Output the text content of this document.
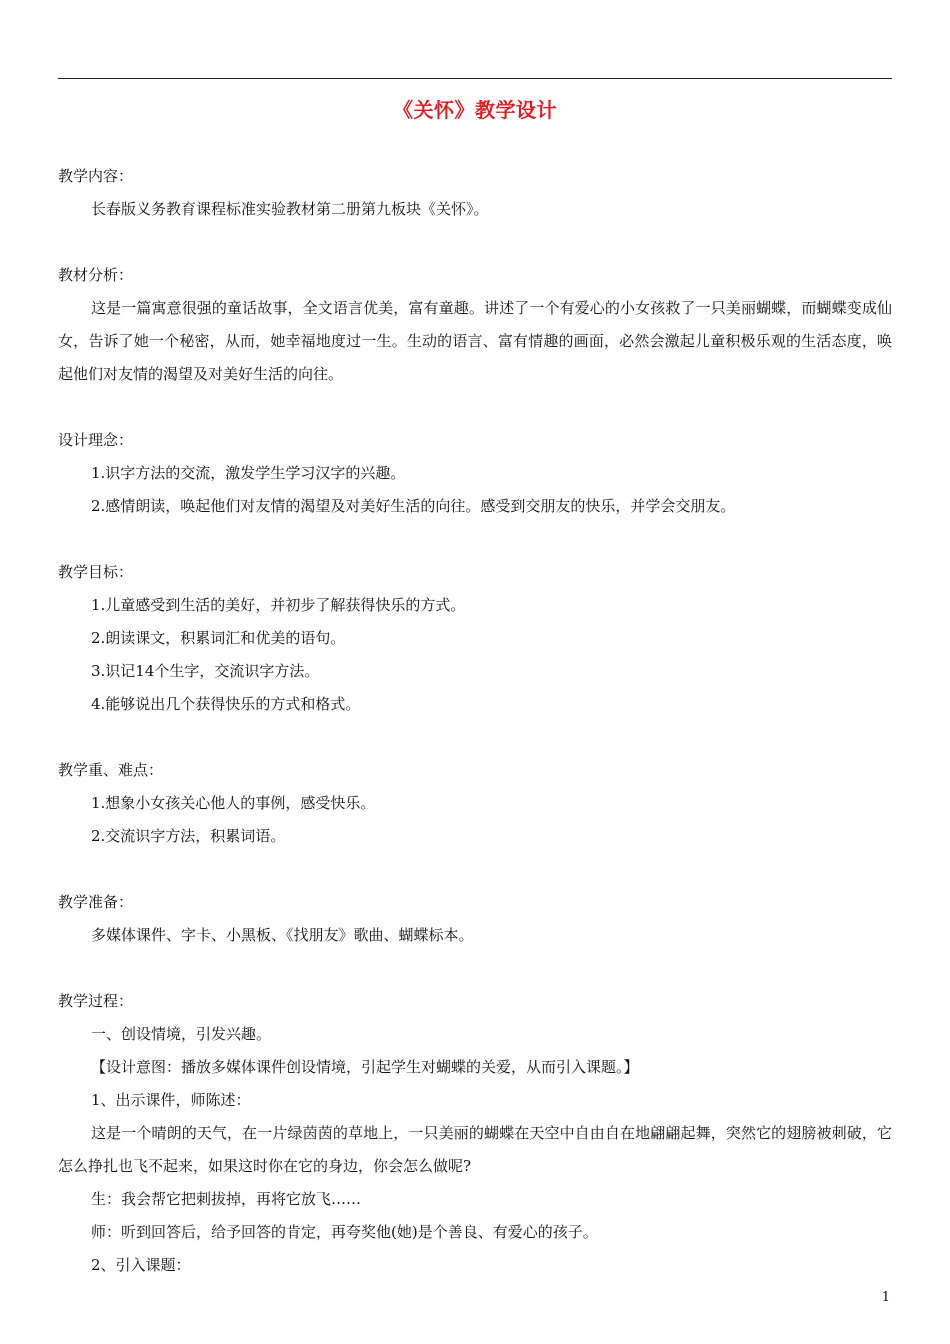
《关怀》教学设计
教学内容：
长春版义务教育课程标准实验教材第二册第九板块《关怀》。
教材分析：
这是一篇寓意很强的童话故事，全文语言优美，富有童趣。讲述了一个有爱心的小女孩救了一只美丽蝴蝶，而蝴蝶变成仙女，告诉了她一个秘密，从而，她幸福地度过一生。生动的语言、富有情趣的画面，必然会激起儿童积极乐观的生活态度，唤起他们对友情的渴望及对美好生活的向往。
设计理念：
1.识字方法的交流，激发学生学习汉字的兴趣。
2.感情朗读，唤起他们对友情的渴望及对美好生活的向往。感受到交朋友的快乐，并学会交朋友。
教学目标：
1.儿童感受到生活的美好，并初步了解获得快乐的方式。
2.朗读课文，积累词汇和优美的语句。
3.识记14个生字，交流识字方法。
4.能够说出几个获得快乐的方式和格式。
教学重、难点：
1.想象小女孩关心他人的事例，感受快乐。
2.交流识字方法，积累词语。
教学准备：
多媒体课件、字卡、小黑板、《找朋友》歌曲、蝴蝶标本。
教学过程：
一、创设情境，引发兴趣。
【设计意图：播放多媒体课件创设情境，引起学生对蝴蝶的关爱，从而引入课题。】
1、出示课件，师陈述：
这是一个晴朗的天气，在一片绿茵茵的草地上，一只美丽的蝴蝶在天空中自由自在地翩翩起舞，突然它的翅膀被刺破，它怎么挣扎也飞不起来，如果这时你在它的身边，你会怎么做呢?
生：我会帮它把刺拔掉，再将它放飞……
师：听到回答后，给予回答的肯定，再夸奖他(她)是个善良、有爱心的孩子。
2、引入课题：
1
